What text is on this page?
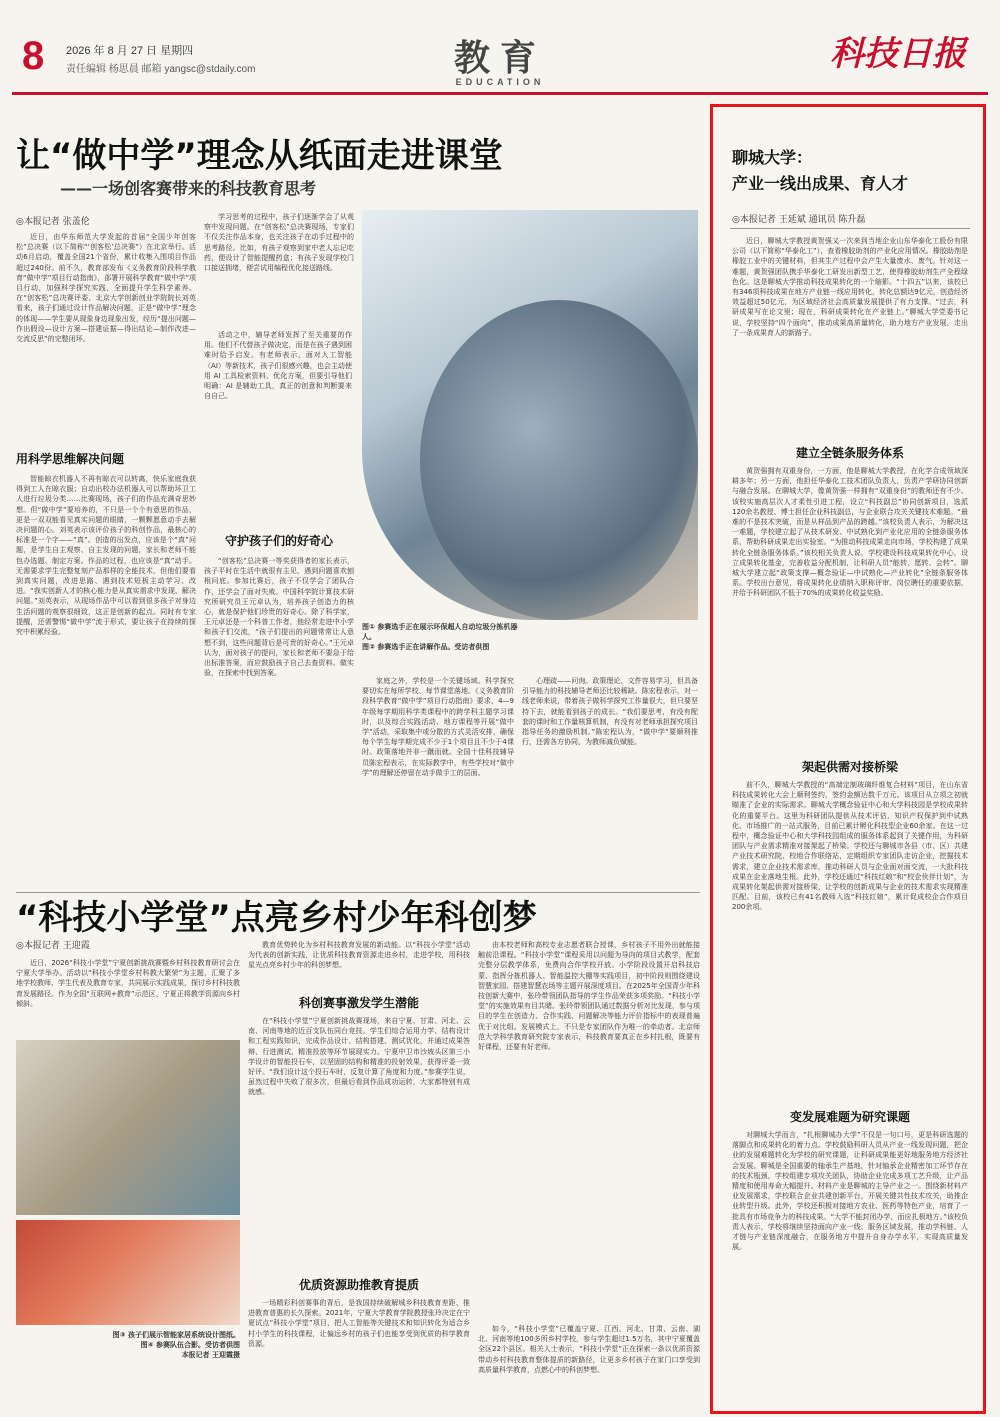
8 2026 年 8 月 27 日 星期四
责任编辑 杨思晨 邮箱 yangsc@stdaily.com	教育
EDUCATION
科技日报
让“做中学”理念从纸面走进课堂
——一场创客赛带来的科技教育思考
◎本报记者 张盖伦

近日，由华东师范大学发起的首届“全国少年创客松”总决赛（以下简称“‘创客松’总决赛”）在北京举行。活动6月启动，覆盖全国21个省份，累计收集入围项目作品超过240份。前不久，教育部发布《义务教育阶段科学教育“做中学”项目行动指南》，部署开展科学教育“做中学”项目行动，加强科学探究实践，全面提升学生科学素养。在“创客松”总决赛评委、北京大学创新创业学院院长刘英看来，孩子们通过设计作品解决问题，正是“做中学”理念的体现——学生要从现象身边现象出发，经历“提出问题—作出假设—设计方案—搭建证据—得出结论—制作改进—交流反思”的完整闭环。

用科学思维解决问题

智能晾衣机器人不再有晾衣可以转离，快乐家庭我获得到工人在晾衣服；自动出校办法机器人可以帮助环卫工人进行垃圾分类……比赛现场，孩子们的作品充满奇思妙想。但“做中学”要培养的，不只是一个个有意思的作品，更是一双双能看见真实问题的眼睛，一颗颗愿意动手去解决问题的心。刘英表示该评价孩子的科创作品，最核心的标准是一个字——“真”。创造的出发点，应该是个“真”问题，是学生自主观察、自主发现的问题，家长和老师不能包办选题、制定方案。作品的过程，也应该是“真”动手。无需要求学生完整复刻产品那样的全能技术，但他们要看到真实问题，改进思路、遇到技术短板主动学习、改进。“我实创新人才的核心能力是从真实需求中发现、解决问题。”刘英表示，从现场作品中可以看到很多孩子对身边生活问题的观察很细致，这正是创新的起点。同时有专家提醒，还需警惕“做中学”流于形式，要让孩子在持续的探究中积累经验。

学习思考的过程中，孩子们逐渐学会了从观察中发现问题。在“创客松”总决赛现场，专家们不仅关注作品本身，也关注孩子在动手过程中的思考路径。比如，有孩子观察到家中老人忘记吃药，便设计了智能提醒药盒；有孩子发现学校门口接送拥堵，便尝试用编程优化接送路线。

活动之中，辅导老师发挥了至关重要的作用。他们不代替孩子做决定，而是在孩子遇到困难时给予启发。有老师表示，面对人工智能（AI）等新技术，孩子们很感兴趣，也会主动使用 AI 工具检索资料、优化方案，但要引导他们明确：AI 是辅助工具，真正的创意和判断要来自自己。

守护孩子们的好奇心

“创客松”总决赛一等奖获得者的家长表示，孩子平时在生活中就很有主见，遇到问题喜欢刨根问底。参加比赛后，孩子不仅学会了团队合作，还学会了面对失败。中国科学院计算技术研究所研究员王元卓认为，培养孩子创造力的核心，就是保护他们珍贵的好奇心。除了科学家，王元卓还是一个科普工作者，他经常走进中小学和孩子们交流，“孩子们提出的问题常常让人意想不到，这些问题背后是可贵的好奇心。”王元卓认为，面对孩子的提问，家长和老师不要急于给出标准答案，而应鼓励孩子自己去查资料、做实验，在探索中找到答案。

图① 参赛选手正在展示环保超人自动垃圾分拣机器人。
图② 参赛选手正在讲解作品。受访者供图

家庭之外，学校是一个关键场域。科学探究要切实在每所学校、每节课堂落地。《义务教育阶段科学教育“做中学”项目行动指南》要求，4—9年级每学期用科学类课程中的跨学科主题学习课时，以及综合实践活动、地方课程等开展“做中学”活动，采取集中或分散的方式灵活安排，确保每个学生每学期完成不少于1个项目且不少于4课时。政策落地并非一蹴而就。全国十佳科技辅导员陈宏程表示，在实际教学中，有些学校对“做中学”的理解还停留在动手做手工的层面。

心理疏——问询。政策理论、文件容易学习，但具备引导能力的科技辅导老师还比较稀缺。陈宏程表示，对一线老师来说，带着孩子做科学探究工作量很大，但只要坚持下去，就能看到孩子的成长。“我们要思考，有没有配套的课时和工作量核算机制，有没有对老师承担探究项目指导任务的激励机制。”陈宏程认为，“做中学”要顺利推行，还需各方协同，为教师减负赋能。

“科技小学堂”点亮乡村少年科创梦
◎本报记者 王迎霞

近日，2026“科技小学堂”宁夏创新挑战赛暨乡村科技教育研讨会在宁夏大学举办。活动以“科技小学堂乡村科教大繁荣”为主题，汇聚了多地学校教师、学生代表及教育专家，共同展示实践成果，探讨乡村科技教育发展路径。作为全国“互联网+教育”示范区，宁夏正将教学资源向乡村倾斜。

图③ 孩子们展示智能家居系统设计图纸。
图④ 参赛队伍合影。受访者供图
本报记者 王迎霞摄

教育优势转化为乡村科技教育发展的新动能。以“科技小学堂”活动为代表的创新实践，让优质科技教育资源走进乡村，走进学校，用科技星光点亮乡村少年的科创梦想。

科创赛事激发学生潜能

在“科技小学堂”宁夏创新挑战赛现场，来自宁夏、甘肃、河北、云南、河南等地的近百支队伍同台竞技。学生们综合运用力学、结构设计和工程实践知识，完成作品设计、结构搭建、测试优化，并通过成果答辩、行进测试、精准投放等环节展现实力。宁夏中卫市沙坡头区第三小学设计的智能投石车，以坚固的结构和精准的投射效果，获得评委一致好评。“我们设计这个投石车时，反复计算了角度和力度。”参赛学生说，虽然过程中失败了很多次，但最后看到作品成功运转，大家都特别有成就感。

优质资源助推教育提质

一场精彩科创赛事的背后，是我国持续破解城乡科技教育差距、推进教育普惠的长久探索。2021年，宁夏大学教育学院教授张玲决定在宁夏试点“科技小学堂”项目，把人工智能等关键技术和知识转化为适合乡村小学生的科技课程，让偏远乡村的孩子们也能享受到优质的科学教育资源。

由本校老师和高校专业志愿者联合授课，乡村孩子不用外出就能接触前沿课程。“科技小学堂”课程采用以问题为导向的项目式教学，配套完整分层教学体系，免费向合作学校开放。小学阶段设置开启科技启蒙、指挥分拣机器人、智能温控大棚等实践项目，初中阶段则围绕建设智慧家园、搭建智慧农场等主题开展深度项目。在2025年全国青少年科技创新大赛中，张玲带领团队指导的学生作品荣获多项奖励。“科技小学堂”的实施效果有目共睹。张玲带领团队通过数据分析对比发现，参与项目的学生在创造力、合作实践、问题解决等能力评价指标中的表现普遍优于对比组。发展模式上，不只是专家团队作为唯一的牵动者。北京师范大学科学教育研究院专家表示，科技教育要真正在乡村扎根，既要有好课程，还要有好老师。

如今，“科技小学堂”已覆盖宁夏、江西、河北、甘肃、云南、湖北、河南等地100多所乡村学校，参与学生超过1.5万名，其中宁夏覆盖全区22个县区。相关人士表示，“科技小学堂”正在探索一条以优质资源带动乡村科技教育整体提质的新路径，让更多乡村孩子在家门口享受到高质量科学教育，点燃心中的科创梦想。

聊城大学：
产业一线出成果、育人才
◎本报记者 王延斌 通讯员 陈升磊

近日，聊城大学教授黄贺强又一次来到当地企业山东华泰化工股份有限公司（以下简称“华泰化工”），查看橡胶助剂的产业化应用情况。橡胶助剂是橡胶工业中的关键材料，但其生产过程中会产生大量废水、废气。针对这一难题，黄贺强团队携手华泰化工研发出新型工艺，使得橡胶助剂生产全程绿色化。这是聊城大学推动科技成果转化的一个缩影。“十四五”以来，该校已有346项科技成果在地方产业链一线应用转化，转化总额达9亿元，创造经济效益超过50亿元，为区域经济社会高质量发展提供了有力支撑。“过去，科研成果写在论文里；现在，科研成果转化在产业链上。”聊城大学党委书记说，学校坚持“四个面向”，推动成果高质量转化，助力地方产业发展，走出了一条成果育人的新路子。

建立全链条服务体系

黄贺强拥有双重身份，一方面，他是聊城大学教授，在化学合成领域深耕多年；另一方面，他担任华泰化工技术团队负责人，负责产学研协同创新与融合发展。在聊城大学，像黄贺强一样拥有“双重身份”的教师还有不少。该校实施高层次人才柔性引进工程，设立“科技副总”协同创新项目，选派120余名教授、博士担任企业科技副总，与企业联合攻关关键技术难题。“最难的不是技术突破，而是从样品到产品的跨越。”该校负责人表示，为解决这一难题，学校建立起了从技术研发、中试熟化到产业化应用的全链条服务体系，帮助科研成果走出实验室。“为推动科技成果走向市场，学校构建了成果转化全链条服务体系。”该校相关负责人说，学校建设科技成果转化中心，设立成果转化基金，完善收益分配机制，让科研人员“能转、愿转、会转”。聊城大学建立起“政策支撑—概念验证—中试熟化—产业转化”全链条服务体系。学校出台意见，将成果转化业绩纳入职称评审、岗位聘任的重要依据，并给予科研团队不低于70%的成果转化收益奖励。

架起供需对接桥梁

前不久，聊城大学教授的“高端定制玻璃纤维复合材料”项目，在山东省科技成果转化大会上顺利签约，签约金额达数千万元。该项目从立项之初就瞄准了企业的实际需求。聊城大学概念验证中心和大学科技园是学校成果转化的重要平台。这里为科研团队提供从技术评估、知识产权保护到中试熟化、市场推广的一站式服务，目前已累计孵化科技型企业60余家。在这一过程中，概念验证中心和大学科技园组成的服务体系起到了关键作用，为科研团队与产业需求精准对接架起了桥梁。学校还与聊城市各县（市、区）共建产业技术研究院、校地合作联络站，定期组织专家团队走访企业，挖掘技术需求，建立企业技术需求库，推动科研人员与企业面对面交流，一大批科技成果在企业落地生根。此外，学校还通过“科技红娘”和“校企伙伴计划”，为成果转化架起供需对接桥梁，让学校的创新成果与企业的技术需求实现精准匹配。目前，该校已有41名教师入选“科技红娘”，累计促成校企合作项目200余项。

变发展难题为研究课题

对聊城大学而言，“扎根聊城办大学”不仅是一句口号，更是科研选题的落脚点和成果转化的着力点。学校鼓励科研人员从产业一线发现问题，把企业的发展难题转化为学校的研究课题，让科研成果能更好地服务地方经济社会发展。聊城是全国重要的轴承生产基地，针对轴承企业精密加工环节存在的技术瓶颈，学校组建专项攻关团队，协助企业完成多项工艺升级，让产品精度和使用寿命大幅提升。材料产业是聊城的主导产业之一。围绕新材料产业发展需求，学校联合企业共建创新平台，开展关键共性技术攻关，助推企业转型升级。此外，学校还积极对接地方农业、医药等特色产业，培育了一批具有市场竞争力的科技成果。“大学不能封闭办学，而应扎根地方。”该校负责人表示，学校将继续坚持面向产业一线、服务区域发展，推动学科链、人才链与产业链深度融合，在服务地方中提升自身办学水平，实现高质量发展。
